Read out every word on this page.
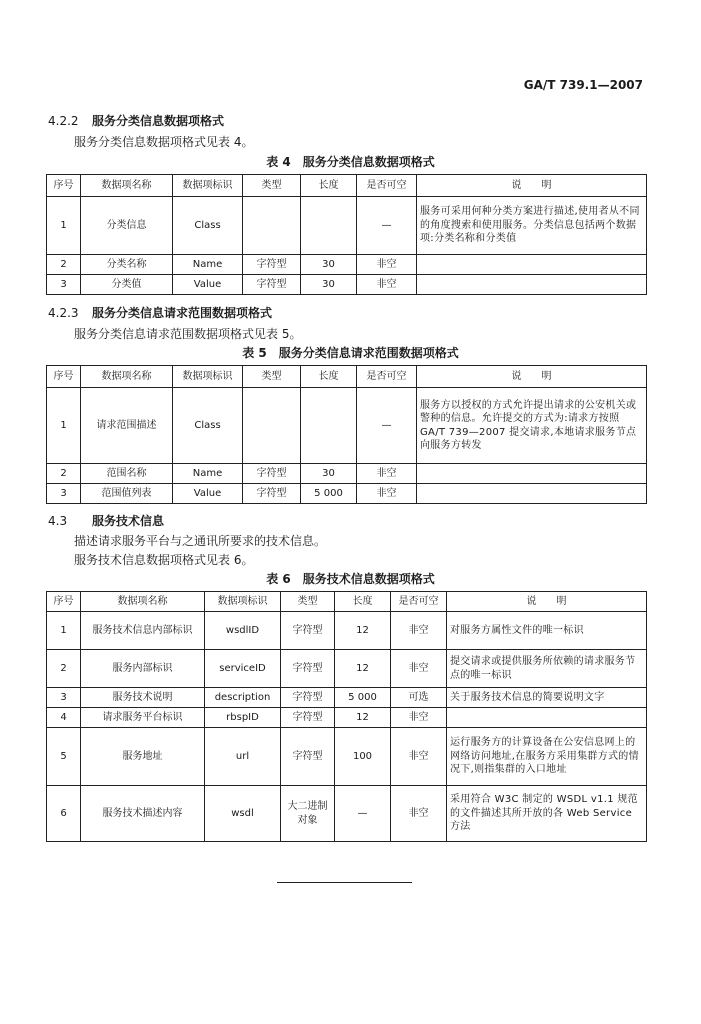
GA/T 739.1—2007
4.2.2 服务分类信息数据项格式
服务分类信息数据项格式见表 4。
表 4　服务分类信息数据项格式
序号	数据项名称	数据项标识	类型	长度	是否可空	说　　明
1	分类信息	Class			—	服务可采用何种分类方案进行描述,使用者从不同的角度搜索和使用服务。分类信息包括两个数据项:分类名称和分类值
2	分类名称	Name	字符型	30	非空	
3	分类值	Value	字符型	30	非空	
4.2.3 服务分类信息请求范围数据项格式
服务分类信息请求范围数据项格式见表 5。
表 5　服务分类信息请求范围数据项格式
序号	数据项名称	数据项标识	类型	长度	是否可空	说　　明
1	请求范围描述	Class			—	服务方以授权的方式允许提出请求的公安机关或警种的信息。允许提交的方式为:请求方按照 GA/T 739—2007 提交请求,本地请求服务节点向服务方转发
2	范围名称	Name	字符型	30	非空	
3	范围值列表	Value	字符型	5 000	非空	
4.3 服务技术信息
描述请求服务平台与之通讯所要求的技术信息。
服务技术信息数据项格式见表 6。
表 6　服务技术信息数据项格式
序号	数据项名称	数据项标识	类型	长度	是否可空	说　　明
1	服务技术信息内部标识	wsdlID	字符型	12	非空	对服务方属性文件的唯一标识
2	服务内部标识	serviceID	字符型	12	非空	提交请求或提供服务所依赖的请求服务节点的唯一标识
3	服务技术说明	description	字符型	5 000	可选	关于服务技术信息的简要说明文字
4	请求服务平台标识	rbspID	字符型	12	非空	
5	服务地址	url	字符型	100	非空	运行服务方的计算设备在公安信息网上的网络访问地址,在服务方采用集群方式的情况下,则指集群的入口地址
6	服务技术描述内容	wsdl	大二进制对象	—	非空	采用符合 W3C 制定的 WSDL v1.1 规范的文件描述其所开放的各 Web Service 方法
